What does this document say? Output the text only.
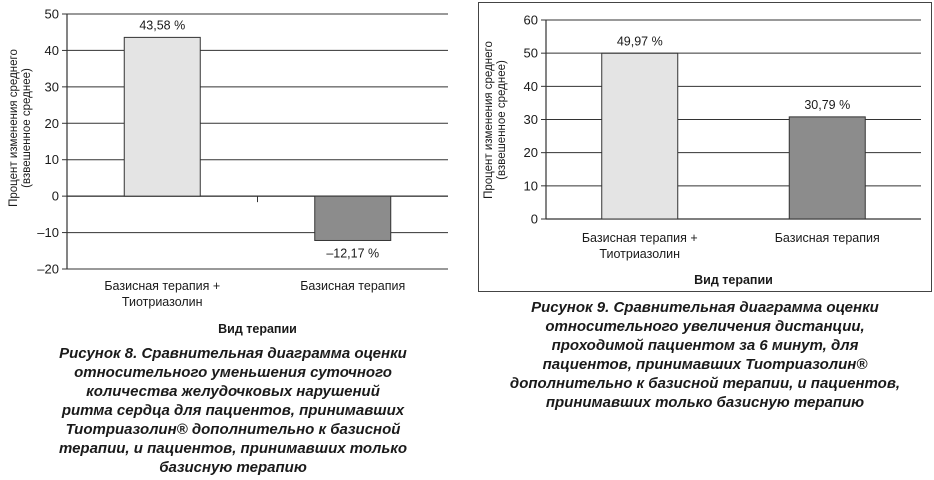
–20
–10
0
10
20
30
40
50
43,58 %
Базисная терапия + Тиотриазолин
–12,17 %
Базисная терапия
Вид терапии
Процент изменения среднего(взвешенное среднее)
Рисунок 8. Сравнительная диаграмма оценки
относительного уменьшения суточного
количества желудочковых нарушений
ритма сердца для пациентов, принимавших
Тиотриазолин® дополнительно к базисной
терапии, и пациентов, принимавших только
базисную терапию
0
10
20
30
40
50
60
49,97 %
Базисная терапия + Тиотриазолин
30,79 %
Базисная терапия
Вид терапии
Процент изменения среднего(взвешенное среднее)
Рисунок 9. Сравнительная диаграмма оценки
относительного увеличения дистанции,
проходимой пациентом за 6 минут, для
пациентов, принимавших Тиотриазолин®
дополнительно к базисной терапии, и пациентов,
принимавших только базисную терапию
